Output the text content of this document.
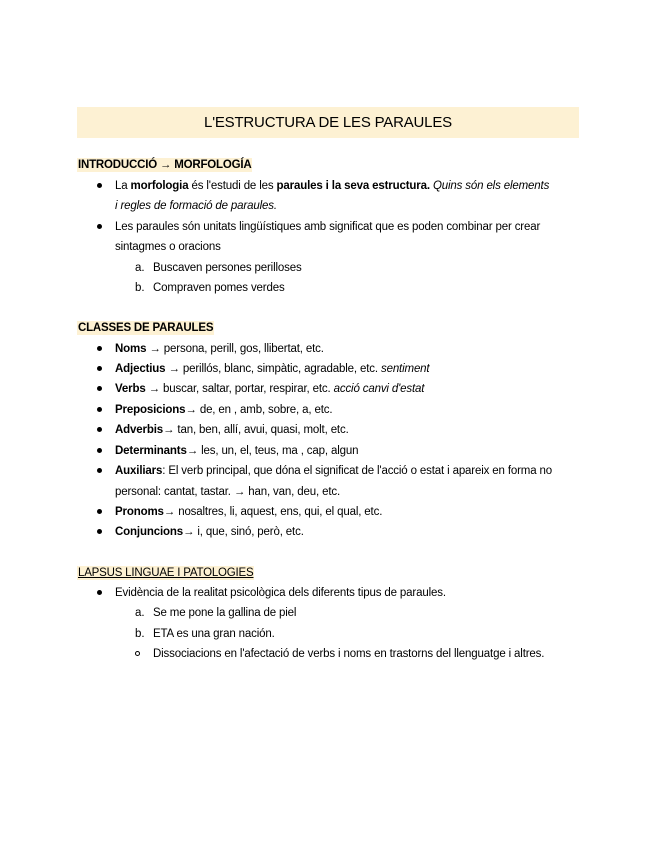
L'ESTRUCTURA DE LES PARAULES
INTRODUCCIÓ → MORFOLOGÍA
La morfologia és l'estudi de les paraules i la seva estructura. Quins són els elements
i regles de formació de paraules.
Les paraules són unitats lingüístiques amb significat que es poden combinar per crear
sintagmes o oracions
a. Buscaven persones perilloses
b. Compraven pomes verdes
CLASSES DE PARAULES
Noms → persona, perill, gos, llibertat, etc.
Adjectius → perillós, blanc, simpàtic, agradable, etc. sentiment
Verbs → buscar, saltar, portar, respirar, etc. acció canvi d'estat
Preposicions→ de, en , amb, sobre, a, etc.
Adverbis→ tan, ben, allí, avui, quasi, molt, etc.
Determinants→ les, un, el, teus, ma , cap, algun
Auxiliars: El verb principal, que dóna el significat de l'acció o estat i apareix en forma no
personal: cantat, tastar. → han, van, deu, etc.
Pronoms→ nosaltres, li, aquest, ens, qui, el qual, etc.
Conjuncions→ i, que, sinó, però, etc.
LAPSUS LINGUAE I PATOLOGIES
Evidència de la realitat psicològica dels diferents tipus de paraules.
a. Se me pone la gallina de piel
b. ETA es una gran nación.
Dissociacions en l'afectació de verbs i noms en trastorns del llenguatge i altres.
